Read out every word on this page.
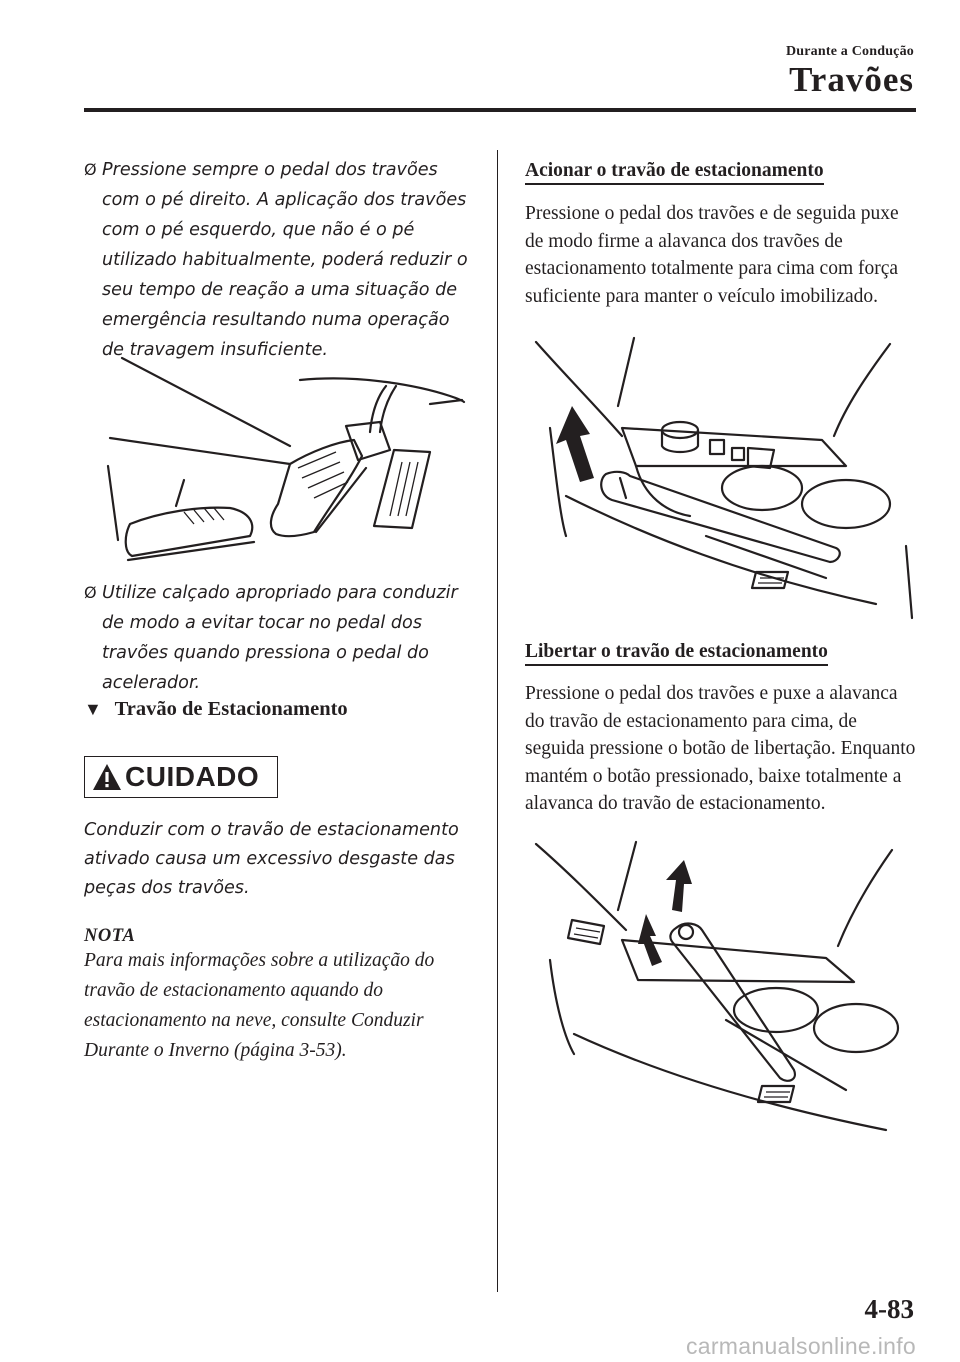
Durante a Condução
Travões
Ø Pressione sempre o pedal dos travões com o pé direito. A aplicação dos travões com o pé esquerdo, que não é o pé utilizado habitualmente, poderá reduzir o seu tempo de reação a uma situação de emergência resultando numa operação de travagem insuficiente.
Ø Utilize calçado apropriado para conduzir de modo a evitar tocar no pedal dos travões quando pressiona o pedal do acelerador.
▼ Travão de Estacionamento
CUIDADO
Conduzir com o travão de estacionamento ativado causa um excessivo desgaste das peças dos travões.
NOTA
Para mais informações sobre a utilização do travão de estacionamento aquando do estacionamento na neve, consulte Conduzir Durante o Inverno (página 3-53).
Acionar o travão de estacionamento
Pressione o pedal dos travões e de seguida puxe de modo firme a alavanca dos travões de estacionamento totalmente para cima com força suficiente para manter o veículo imobilizado.
Libertar o travão de estacionamento
Pressione o pedal dos travões e puxe a alavanca do travão de estacionamento para cima, de seguida pressione o botão de libertação. Enquanto mantém o botão pressionado, baixe totalmente a alavanca do travão de estacionamento.
4-83
carmanualsonline.info
